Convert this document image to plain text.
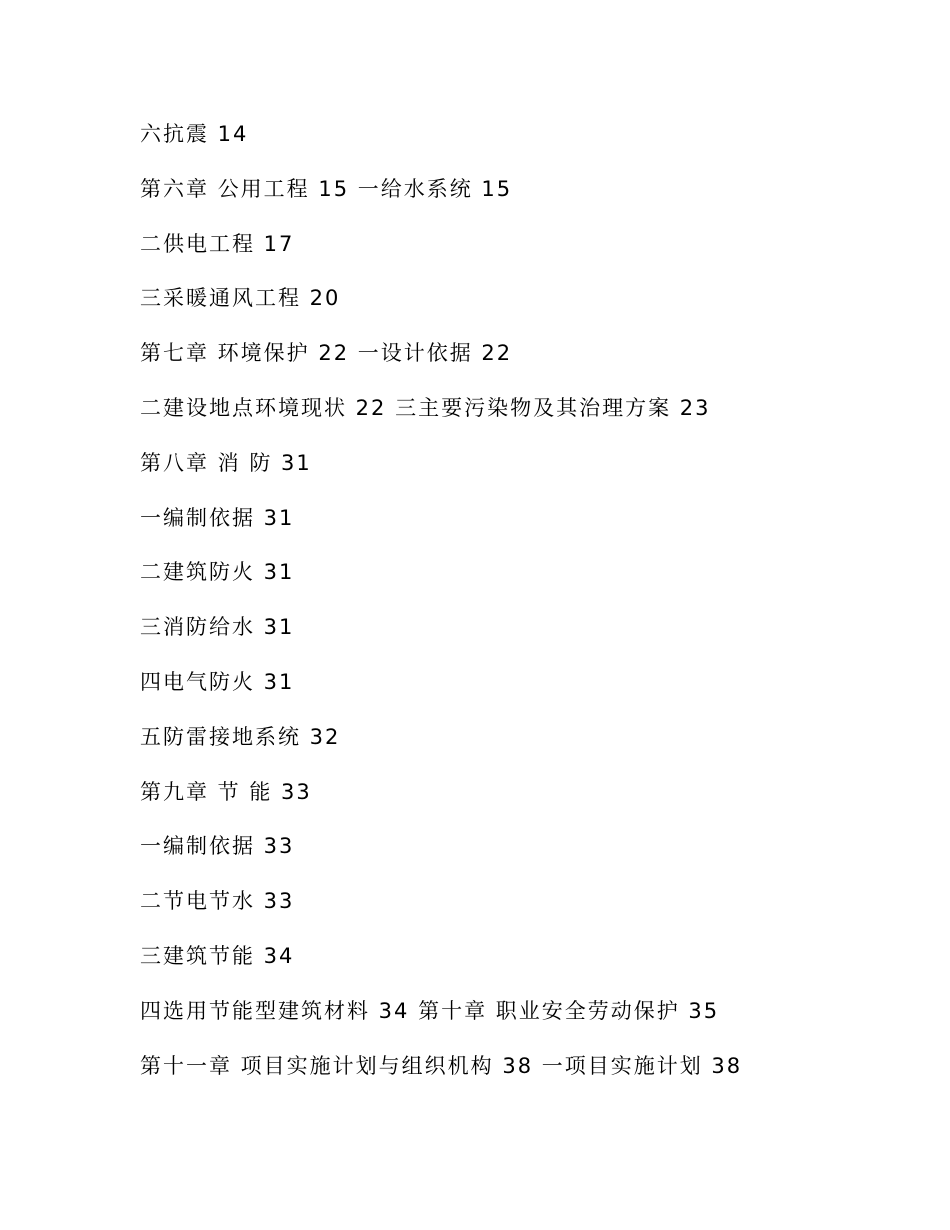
六抗震 14
第六章 公用工程 15 一给水系统 15
二供电工程 17
三采暖通风工程 20
第七章 环境保护 22 一设计依据 22
二建设地点环境现状 22 三主要污染物及其治理方案 23
第八章 消 防 31
一编制依据 31
二建筑防火 31
三消防给水 31
四电气防火 31
五防雷接地系统 32
第九章 节 能 33
一编制依据 33
二节电节水 33
三建筑节能 34
四选用节能型建筑材料 34 第十章 职业安全劳动保护 35
第十一章 项目实施计划与组织机构 38 一项目实施计划 38
